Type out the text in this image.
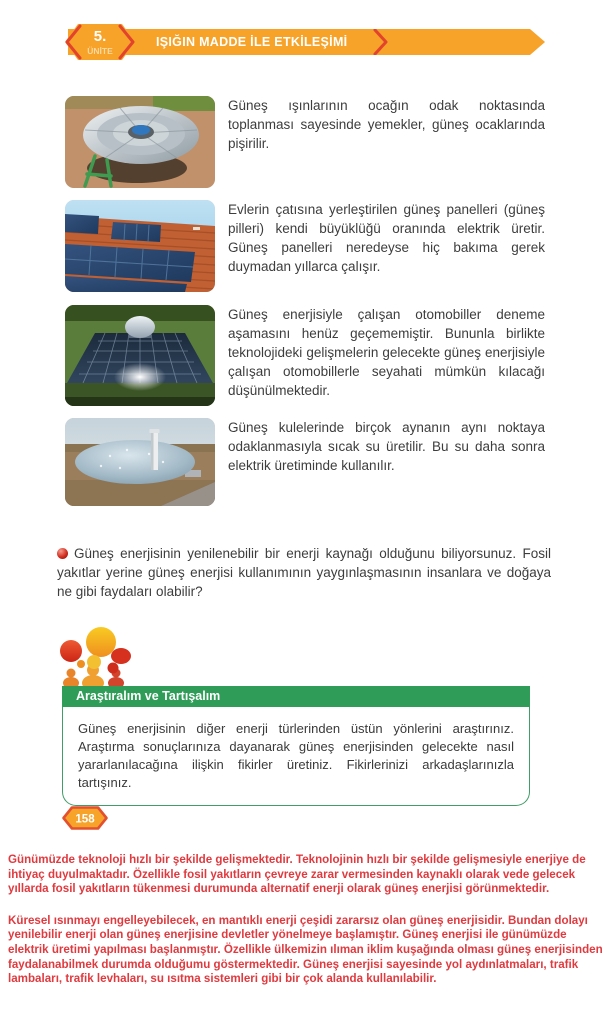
IŞIĞIN MADDE İLE ETKİLEŞİMİ
5.
ÜNİTE
Güneş ışınlarının ocağın odak noktasında toplanması sayesinde yemekler, güneş ocaklarında pişirilir.
Evlerin çatısına yerleştirilen güneş panelleri (güneş pilleri) kendi büyüklüğü oranında elektrik üretir. Güneş panelleri neredeyse hiç bakıma gerek duymadan yıllarca çalışır.
Güneş enerjisiyle çalışan otomobiller deneme aşamasını henüz geçememiştir. Bununla birlikte teknolojideki gelişmelerin gelecekte güneş enerjisiyle çalışan otomobillerle seyahati mümkün kılacağı düşünülmektedir.
Güneş kulelerinde birçok aynanın aynı noktaya odaklanmasıyla sıcak su üretilir. Bu su daha sonra elektrik üretiminde kullanılır.
Güneş enerjisinin yenilenebilir bir enerji kaynağı olduğunu biliyorsunuz. Fosil yakıtlar yerine güneş enerjisi kullanımının yaygınlaşmasının insanlara ve doğaya ne gibi faydaları olabilir?
Araştıralım ve Tartışalım
Güneş enerjisinin diğer enerji türlerinden üstün yönlerini araştırınız. Araştırma sonuçlarınıza dayanarak güneş enerjisinden gelecekte nasıl yararlanılacağına ilişkin fikirler üretiniz. Fikirlerinizi arkadaşlarınızla tartışınız.
158

Günümüzde teknoloji hızlı bir şekilde gelişmektedir. Teknolojinin hızlı bir şekilde gelişmesiyle enerjiye de ihtiyaç duyulmaktadır. Özellikle fosil yakıtların çevreye zarar vermesinden kaynaklı olarak vede gelecek yıllarda fosil yakıtların tükenmesi durumunda alternatif enerji olarak güneş enerjisi görünmektedir.

Küresel ısınmayı engelleyebilecek, en mantıklı enerji çeşidi zararsız olan güneş enerjisidir. Bundan dolayı yenilebilir enerji olan güneş enerjisine devletler yönelmeye başlamıştır. Güneş enerjisi ile günümüzde elektrik üretimi yapılması başlanmıştır. Özellikle ülkemizin ılıman iklim kuşağında olması güneş enerjisinden faydalanabilmek durumda olduğumu göstermektedir. Güneş enerjisi sayesinde yol aydınlatmaları, trafik lambaları, trafik levhaları, su ısıtma sistemleri gibi bir çok alanda kullanılabilir.
